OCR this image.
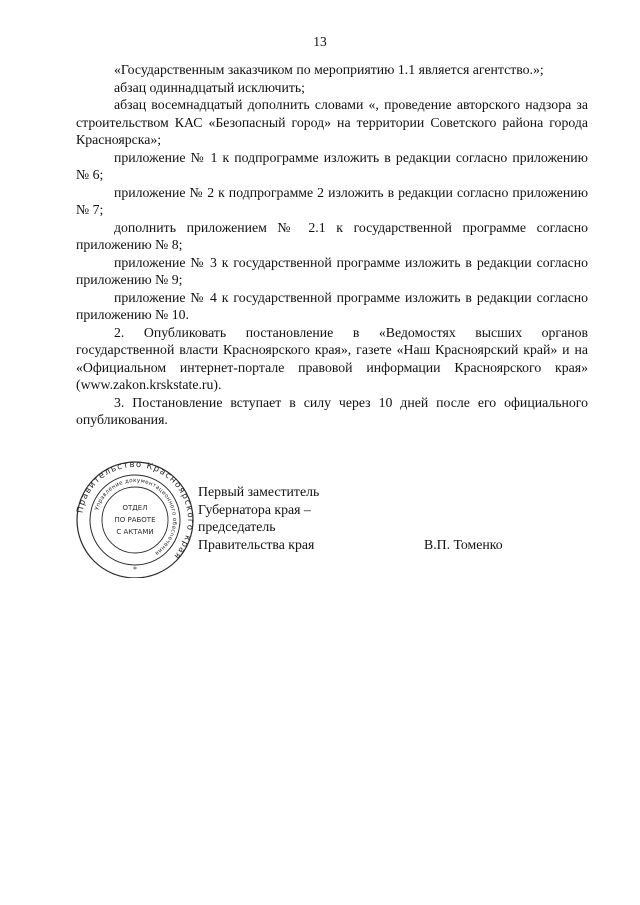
13

«Государственным заказчиком по мероприятию 1.1 является агентство.»;

абзац одиннадцатый исключить;

абзац восемнадцатый дополнить словами «, проведение авторского надзора за строительством КАС «Безопасный город» на территории Советского района города Красноярска»;

приложение № 1 к подпрограмме изложить в редакции согласно приложению № 6;

приложение № 2 к подпрограмме 2 изложить в редакции согласно приложению № 7;

дополнить приложением № 2.1 к государственной программе согласно приложению № 8;

приложение № 3 к государственной программе изложить в редакции согласно приложению № 9;

приложение № 4 к государственной программе изложить в редакции согласно приложению № 10.

2. Опубликовать постановление в «Ведомостях высших органов государственной власти Красноярского края», газете «Наш Красноярский край» и на «Официальном интернет-портале правовой информации Красноярского края» (www.zakon.krskstate.ru).

3. Постановление вступает в силу через 10 дней после его официального опубликования.

Правительство Красноярского края
Управление документационного обеспечения
ОТДЕЛ
ПО РАБОТЕ
С АКТАМИ
*
Первый заместитель
Губернатора края –
председатель
Правительства края	В.П. Томенко
